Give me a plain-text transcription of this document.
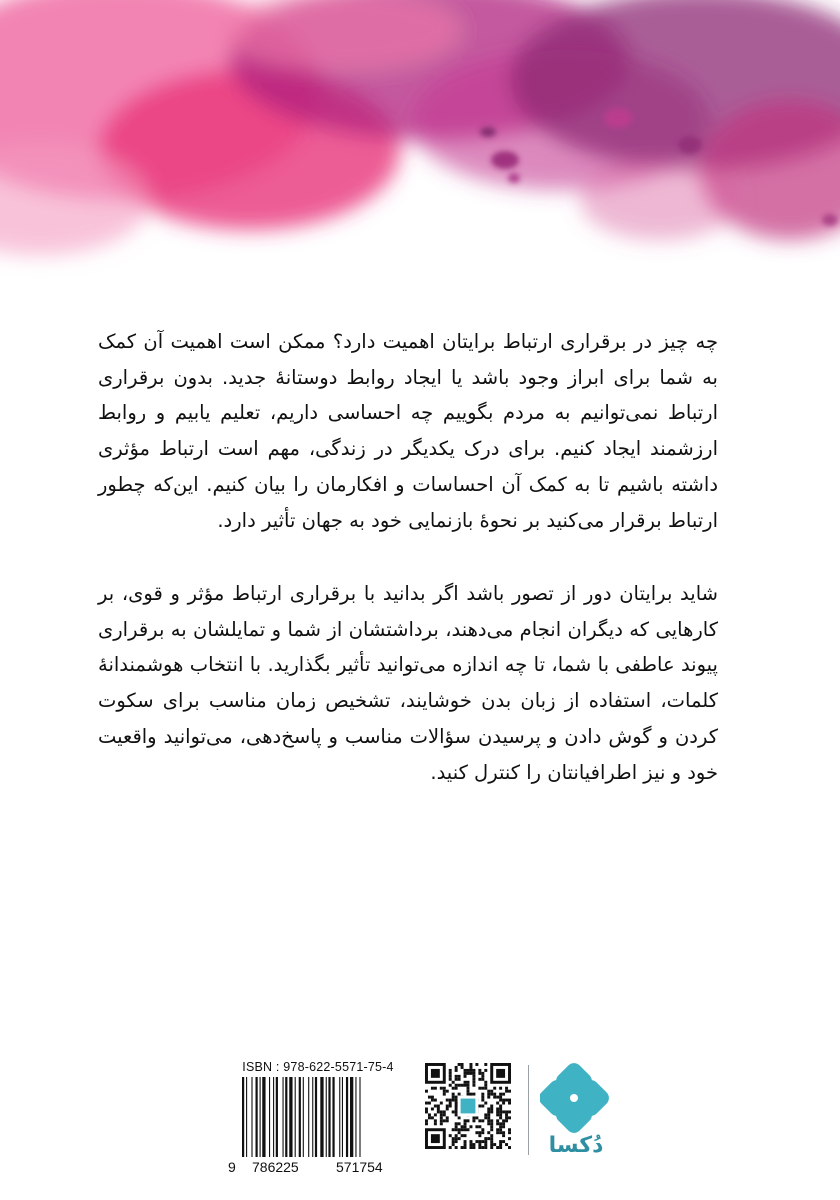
چه چیز در برقراری ارتباط برایتان اهمیت دارد؟ ممکن است اهمیت آن کمک به شما برای ابراز وجود باشد یا ایجاد روابط دوستانهٔ جدید. بدون برقراری ارتباط نمی‌توانیم به مردم بگوییم چه احساسی داریم، تعلیم یابیم و روابط ارزشمند ایجاد کنیم. برای درک یکدیگر در زندگی، مهم است ارتباط مؤثری داشته باشیم تا به کمک آن احساسات و افکارمان را بیان کنیم. این‌که چطور ارتباط برقرار می‌کنید بر نحوهٔ بازنمایی خود به جهان تأثیر دارد.
شاید برایتان دور از تصور باشد اگر بدانید با برقراری ارتباط مؤثر و قوی، بر کارهایی که دیگران انجام می‌دهند، برداشتشان از شما و تمایلشان به برقراری پیوند عاطفی با شما، تا چه اندازه می‌توانید تأثیر بگذارید. با انتخاب هوشمندانهٔ کلمات، استفاده از زبان بدن خوشایند، تشخیص زمان مناسب برای سکوت کردن و گوش دادن و پرسیدن سؤالات مناسب و پاسخ‌دهی، می‌توانید واقعیت خود و نیز اطرافیانتان را کنترل کنید.
ISBN : 978-622-5571-75-4
9 786225	571754
دُکسا
